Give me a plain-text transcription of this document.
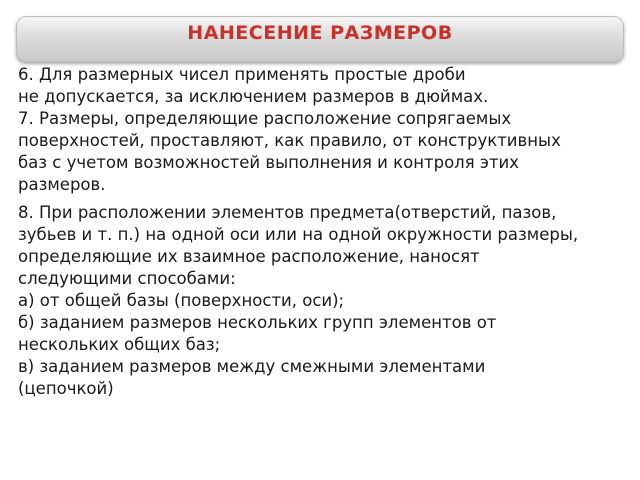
НАНЕСЕНИЕ РАЗМЕРОВ
6. Для размерных чисел применять простые дроби
не допускается, за исключением размеров в дюймах.
7. Размеры, определяющие расположение сопрягаемых
поверхностей, проставляют, как правило, от конструктивных
баз с учетом возможностей выполнения и контроля этих
размеров.
8. При расположении элементов предмета(отверстий, пазов,
зубьев и т. п.) на одной оси или на одной окружности размеры,
определяющие их взаимное расположение, наносят
следующими способами:
а) от общей базы (поверхности, оси);
б) заданием размеров нескольких групп элементов от
нескольких общих баз;
в) заданием размеров между смежными элементами
(цепочкой)
